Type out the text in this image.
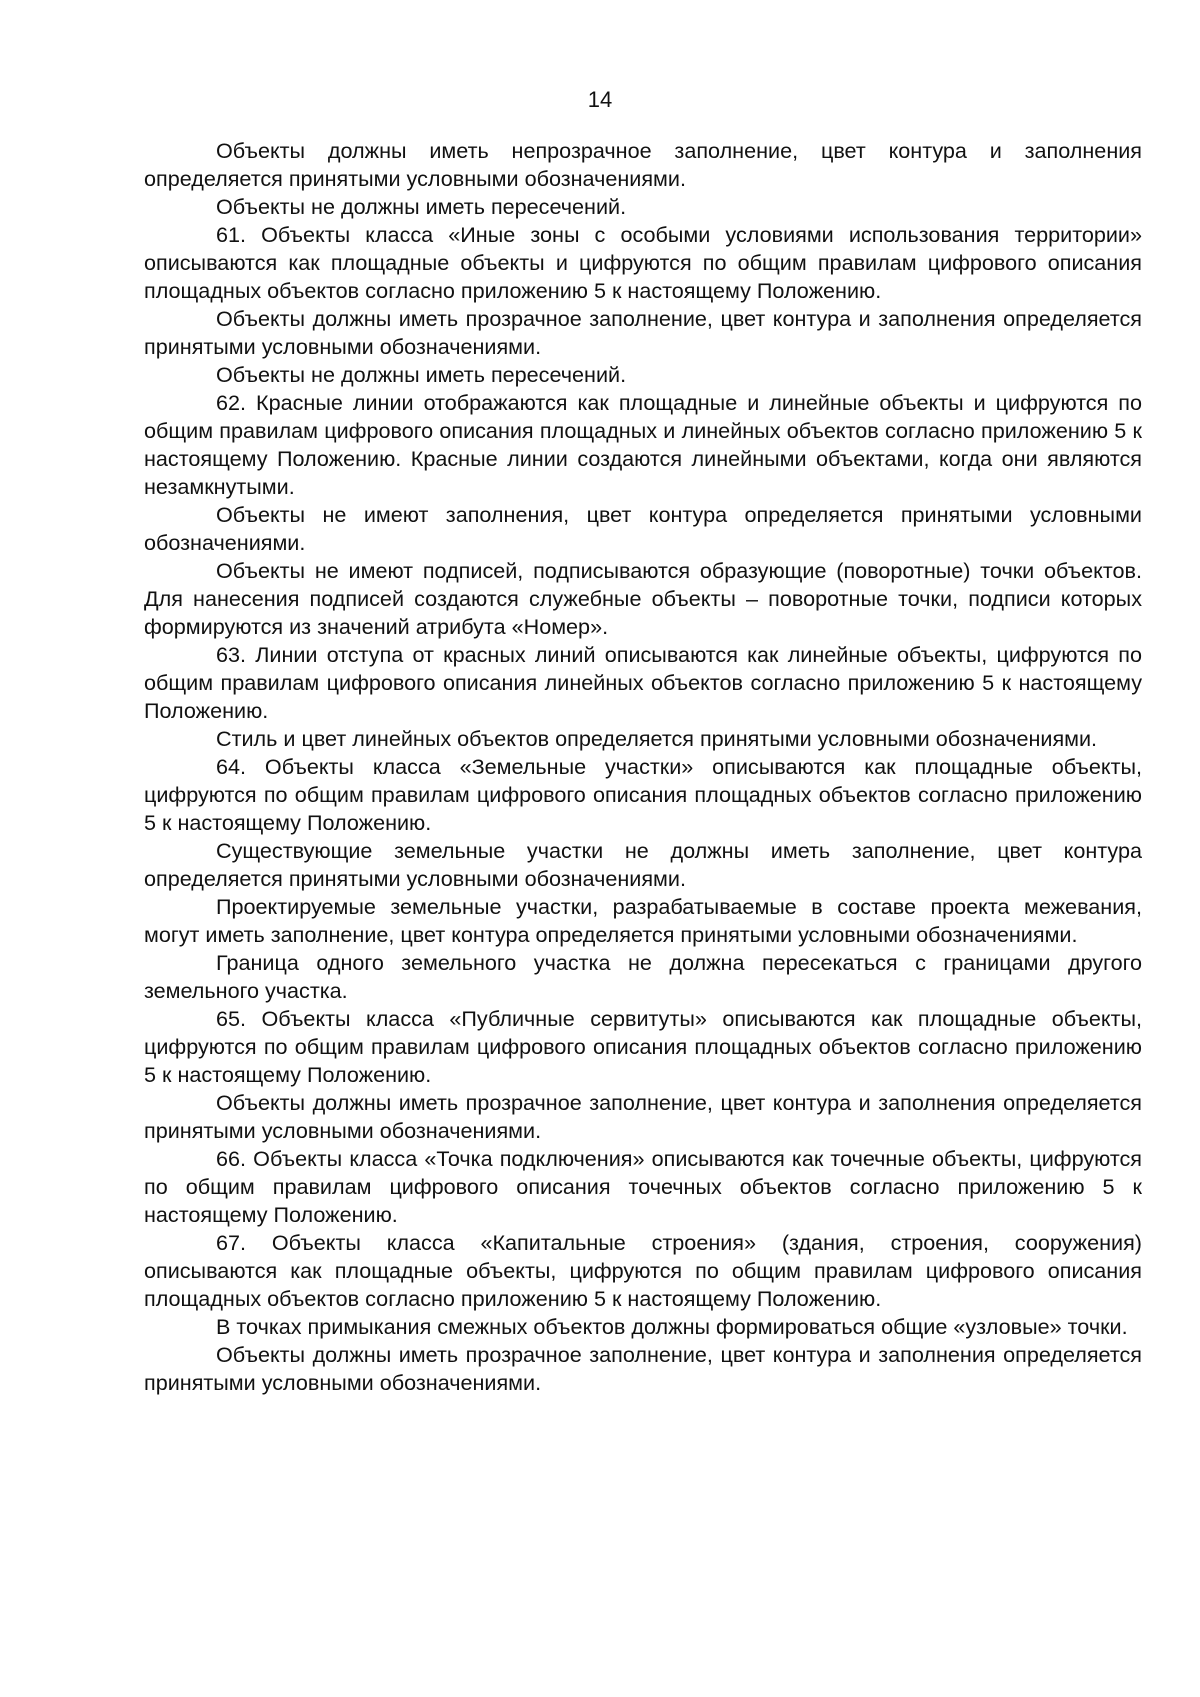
14

Объекты должны иметь непрозрачное заполнение, цвет контура и заполнения определяется принятыми условными обозначениями.

Объекты не должны иметь пересечений.

61. Объекты класса «Иные зоны с особыми условиями использования территории» описываются как площадные объекты и цифруются по общим правилам цифрового описания площадных объектов согласно приложению 5 к настоящему Положению.

Объекты должны иметь прозрачное заполнение, цвет контура и заполнения определяется принятыми условными обозначениями.

Объекты не должны иметь пересечений.

62. Красные линии отображаются как площадные и линейные объекты и цифруются по общим правилам цифрового описания площадных и линейных объектов согласно приложению 5 к настоящему Положению. Красные линии создаются линейными объектами, когда они являются незамкнутыми.

Объекты не имеют заполнения, цвет контура определяется принятыми условными обозначениями.

Объекты не имеют подписей, подписываются образующие (поворотные) точки объектов. Для нанесения подписей создаются служебные объекты – поворотные точки, подписи которых формируются из значений атрибута «Номер».

63. Линии отступа от красных линий описываются как линейные объекты, цифруются по общим правилам цифрового описания линейных объектов согласно приложению 5 к настоящему Положению.

Стиль и цвет линейных объектов определяется принятыми условными обозначениями.

64. Объекты класса «Земельные участки» описываются как площадные объекты, цифруются по общим правилам цифрового описания площадных объектов согласно приложению 5 к настоящему Положению.

Существующие земельные участки не должны иметь заполнение, цвет контура определяется принятыми условными обозначениями.

Проектируемые земельные участки, разрабатываемые в составе проекта межевания, могут иметь заполнение, цвет контура определяется принятыми условными обозначениями.

Граница одного земельного участка не должна пересекаться с границами другого земельного участка.

65. Объекты класса «Публичные сервитуты» описываются как площадные объекты, цифруются по общим правилам цифрового описания площадных объектов согласно приложению 5 к настоящему Положению.

Объекты должны иметь прозрачное заполнение, цвет контура и заполнения определяется принятыми условными обозначениями.

66. Объекты класса «Точка подключения» описываются как точечные объекты, цифруются по общим правилам цифрового описания точечных объектов согласно приложению 5 к настоящему Положению.

67. Объекты класса «Капитальные строения» (здания, строения, сооружения) описываются как площадные объекты, цифруются по общим правилам цифрового описания площадных объектов согласно приложению 5 к настоящему Положению.

В точках примыкания смежных объектов должны формироваться общие «узловые» точки.

Объекты должны иметь прозрачное заполнение, цвет контура и заполнения определяется принятыми условными обозначениями.
